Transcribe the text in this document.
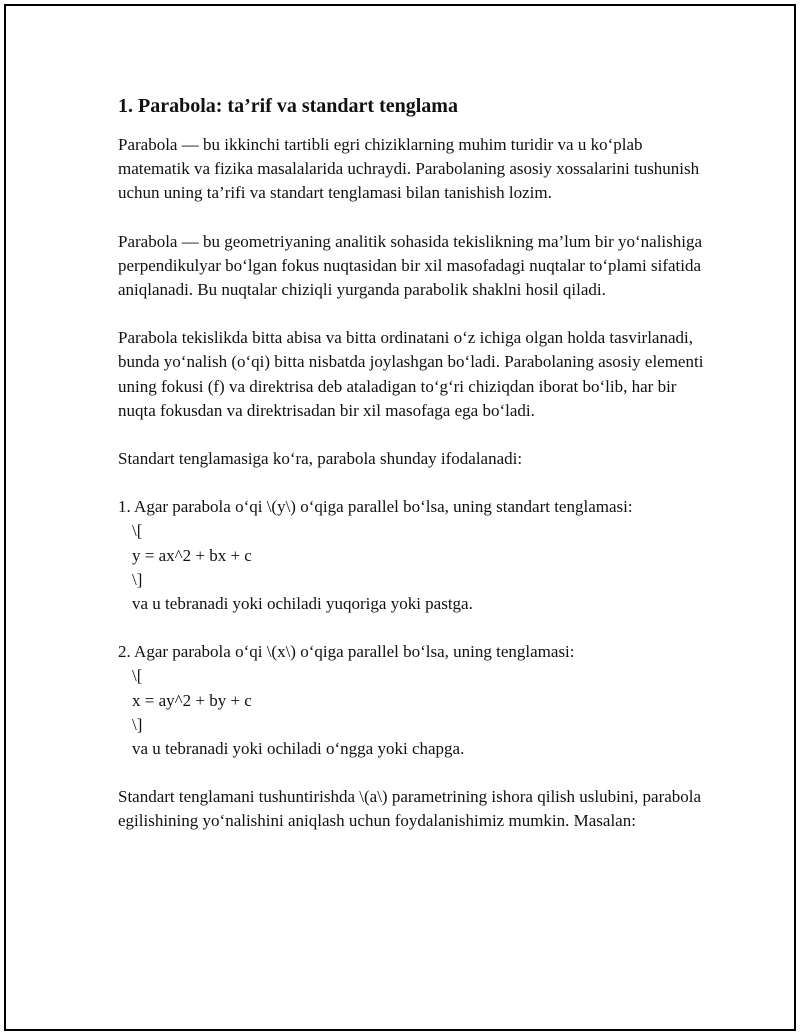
1. Parabola: ta’rif va standart tenglama

Parabola — bu ikkinchi tartibli egri chiziklarning muhim turidir va u ko‘plab matematik va fizika masalalarida uchraydi. Parabolaning asosiy xossalarini tushunish uchun uning ta’rifi va standart tenglamasi bilan tanishish lozim.

Parabola — bu geometriyaning analitik sohasida tekislikning ma’lum bir yo‘nalishiga perpendikulyar bo‘lgan fokus nuqtasidan bir xil masofadagi nuqtalar to‘plami sifatida aniqlanadi. Bu nuqtalar chiziqli yurganda parabolik shaklni hosil qiladi.

Parabola tekislikda bitta abisa va bitta ordinatani o‘z ichiga olgan holda tasvirlanadi, bunda yo‘nalish (o‘qi) bitta nisbatda joylashgan bo‘ladi. Parabolaning asosiy elementi uning fokusi (f) va direktrisa deb ataladigan to‘g‘ri chiziqdan iborat bo‘lib, har bir nuqta fokusdan va direktrisadan bir xil masofaga ega bo‘ladi.

Standart tenglamasiga ko‘ra, parabola shunday ifodalanadi:

1. Agar parabola o‘qi \(y\) o‘qiga parallel bo‘lsa, uning standart tenglamasi:

\[

y = ax^2 + bx + c

\]

va u tebranadi yoki ochiladi yuqoriga yoki pastga.

2. Agar parabola o‘qi \(x\) o‘qiga parallel bo‘lsa, uning tenglamasi:

\[

x = ay^2 + by + c

\]

va u tebranadi yoki ochiladi o‘ngga yoki chapga.

Standart tenglamani tushuntirishda \(a\) parametrining ishora qilish uslubini, parabola egilishining yo‘nalishini aniqlash uchun foydalanishimiz mumkin. Masalan:
